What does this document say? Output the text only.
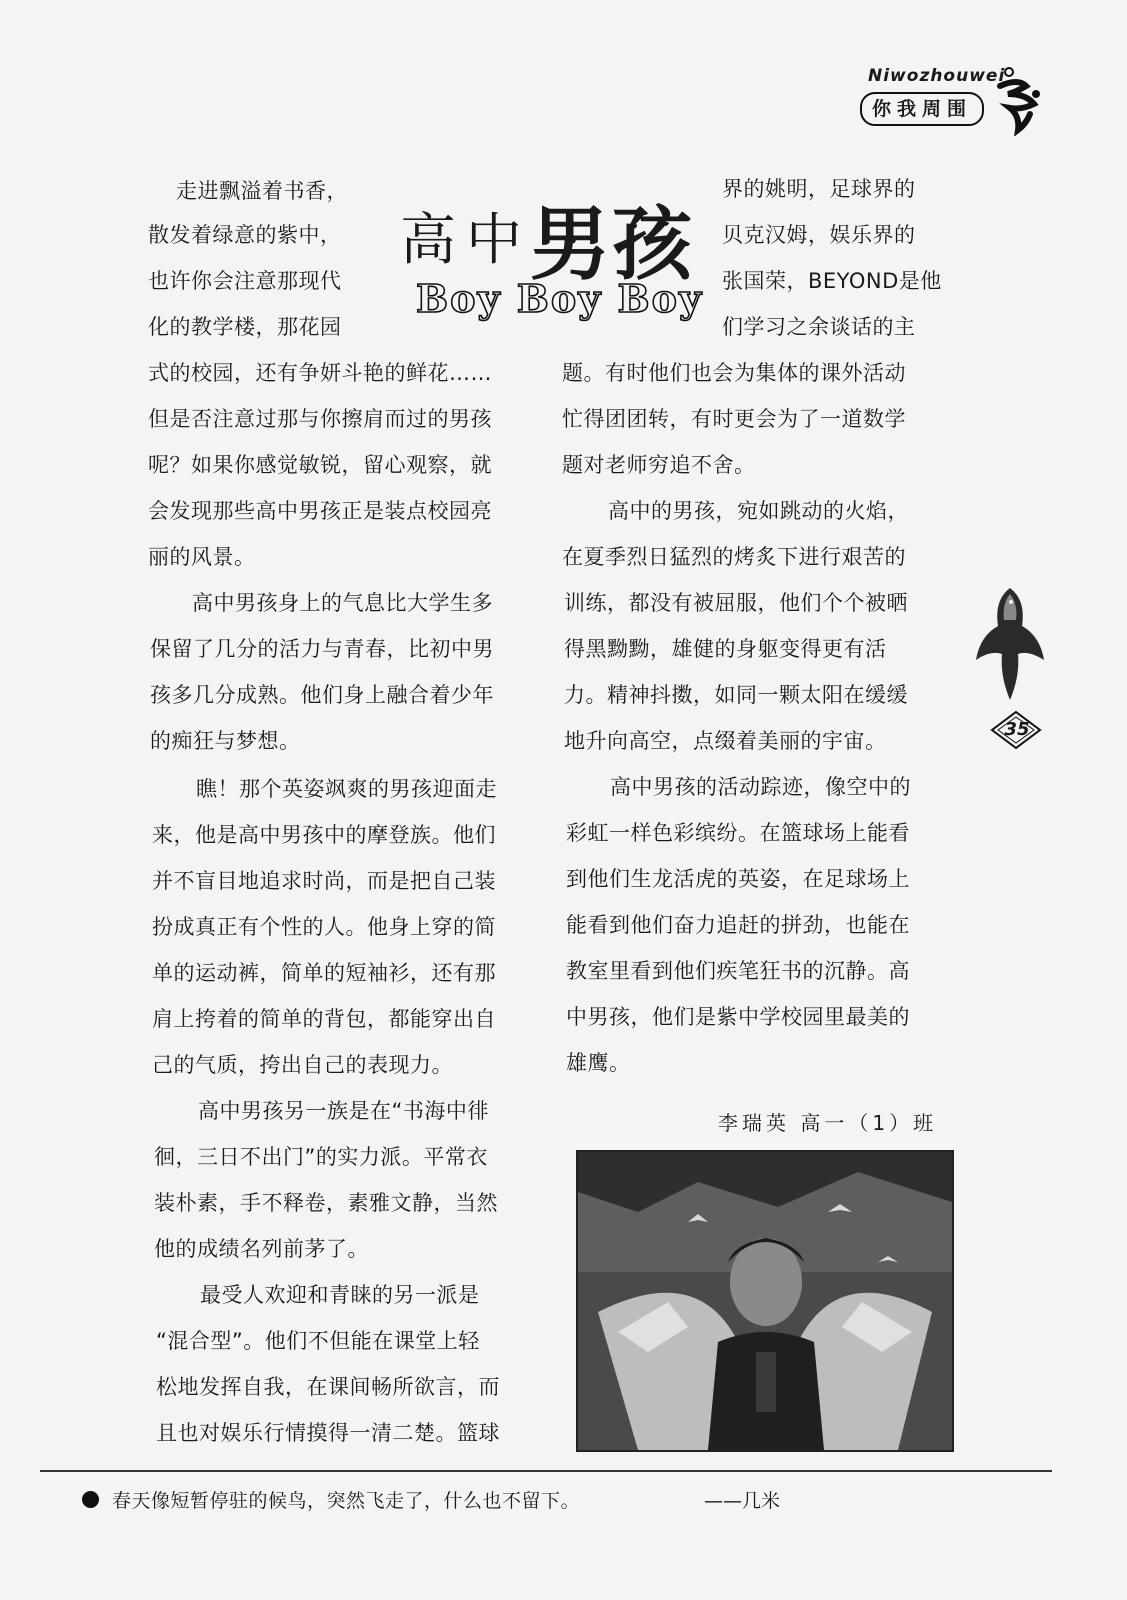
Niwozhouwei
你我周围
高中
男孩
Boy Boy Boy
走进飘溢着书香，
散发着绿意的紫中，
也许你会注意那现代
化的教学楼，那花园
式的校园，还有争妍斗艳的鲜花……
但是否注意过那与你擦肩而过的男孩
呢？如果你感觉敏锐，留心观察，就
会发现那些高中男孩正是装点校园亮
丽的风景。
高中男孩身上的气息比大学生多
保留了几分的活力与青春，比初中男
孩多几分成熟。他们身上融合着少年
的痴狂与梦想。
瞧！那个英姿飒爽的男孩迎面走
来，他是高中男孩中的摩登族。他们
并不盲目地追求时尚，而是把自己装
扮成真正有个性的人。他身上穿的简
单的运动裤，简单的短袖衫，还有那
肩上挎着的简单的背包，都能穿出自
己的气质，挎出自己的表现力。
高中男孩另一族是在“书海中徘
徊，三日不出门”的实力派。平常衣
装朴素，手不释卷，素雅文静，当然
他的成绩名列前茅了。
最受人欢迎和青睐的另一派是
“混合型”。他们不但能在课堂上轻
松地发挥自我，在课间畅所欲言，而
且也对娱乐行情摸得一清二楚。篮球
界的姚明，足球界的
贝克汉姆，娱乐界的
张国荣，BEYOND是他
们学习之余谈话的主
题。有时他们也会为集体的课外活动
忙得团团转，有时更会为了一道数学
题对老师穷追不舍。
高中的男孩，宛如跳动的火焰，
在夏季烈日猛烈的烤炙下进行艰苦的
训练，都没有被屈服，他们个个被晒
得黑黝黝，雄健的身躯变得更有活
力。精神抖擞，如同一颗太阳在缓缓
地升向高空，点缀着美丽的宇宙。
高中男孩的活动踪迹，像空中的
彩虹一样色彩缤纷。在篮球场上能看
到他们生龙活虎的英姿，在足球场上
能看到他们奋力追赶的拼劲，也能在
教室里看到他们疾笔狂书的沉静。高
中男孩，他们是紫中学校园里最美的
雄鹰。
李瑞英 高一（1）班
35
春天像短暂停驻的候鸟，突然飞走了，什么也不留下。	——几米
